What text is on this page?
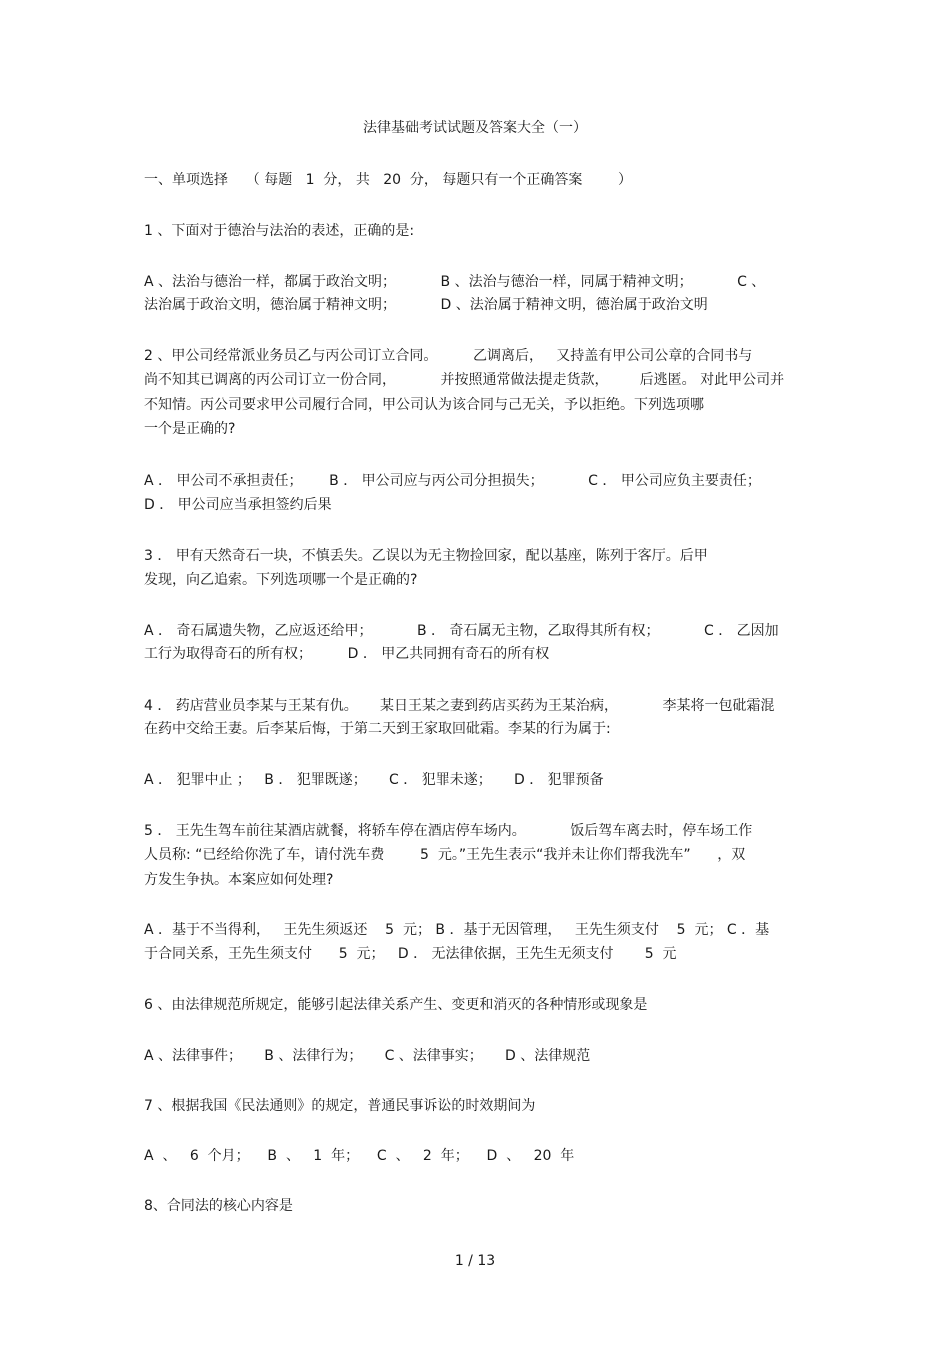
法律基础考试试题及答案大全（一）
一、单项选择    （ 每题   1  分， 共   20  分， 每题只有一个正确答案        ）
1 、下面对于德治与法治的表述，正确的是:
A 、法治与德治一样，都属于政治文明；          B 、法治与德治一样，同属于精神文明；          C 、
法治属于政治文明，德治属于精神文明；          D 、法治属于精神文明，德治属于政治文明
2 、甲公司经常派业务员乙与丙公司订立合同。        乙调离后，   又持盖有甲公司公章的合同书与
尚不知其已调离的丙公司订立一份合同，          并按照通常做法提走货款，       后逃匿。 对此甲公司并
不知情。丙公司要求甲公司履行合同，甲公司认为该合同与己无关，予以拒绝。下列选项哪
一个是正确的?
A ． 甲公司不承担责任；      B ． 甲公司应与丙公司分担损失；          C ． 甲公司应负主要责任；
D ． 甲公司应当承担签约后果
3 ． 甲有天然奇石一块，不慎丢失。乙误以为无主物捡回家，配以基座，陈列于客厅。后甲
发现，向乙追索。下列选项哪一个是正确的?
A ． 奇石属遗失物，乙应返还给甲；          B ． 奇石属无主物，乙取得其所有权；          C ． 乙因加
工行为取得奇石的所有权；        D ． 甲乙共同拥有奇石的所有权
4 ． 药店营业员李某与王某有仇。     某日王某之妻到药店买药为王某治病，          李某将一包砒霜混
在药中交给王妻。后李某后悔，于第二天到王家取回砒霜。李某的行为属于:
A ． 犯罪中止 ；   B ． 犯罪既遂；     C ． 犯罪未遂；     D ． 犯罪预备
5 ． 王先生驾车前往某酒店就餐，将轿车停在酒店停车场内。          饭后驾车离去时，停车场工作
人员称: “已经给你洗了车，请付洗车费        5  元。”王先生表示“我并未让你们帮我洗车”      ，双
方发生争执。本案应如何处理?
A ．基于不当得利，   王先生须返还    5  元； B ．基于无因管理，   王先生须支付    5  元； C ．基
于合同关系，王先生须支付      5  元；   D ． 无法律依据，王先生无须支付       5  元
6 、由法律规范所规定，能够引起法律关系产生、变更和消灭的各种情形或现象是
A 、法律事件；     B 、法律行为；     C 、法律事实；     D 、法律规范
7 、根据我国《民法通则》的规定，普通民事诉讼的时效期间为
A  、   6  个月；    B  、   1  年；    C  、   2  年；    D  、   20  年
8、合同法的核心内容是
1 / 13
